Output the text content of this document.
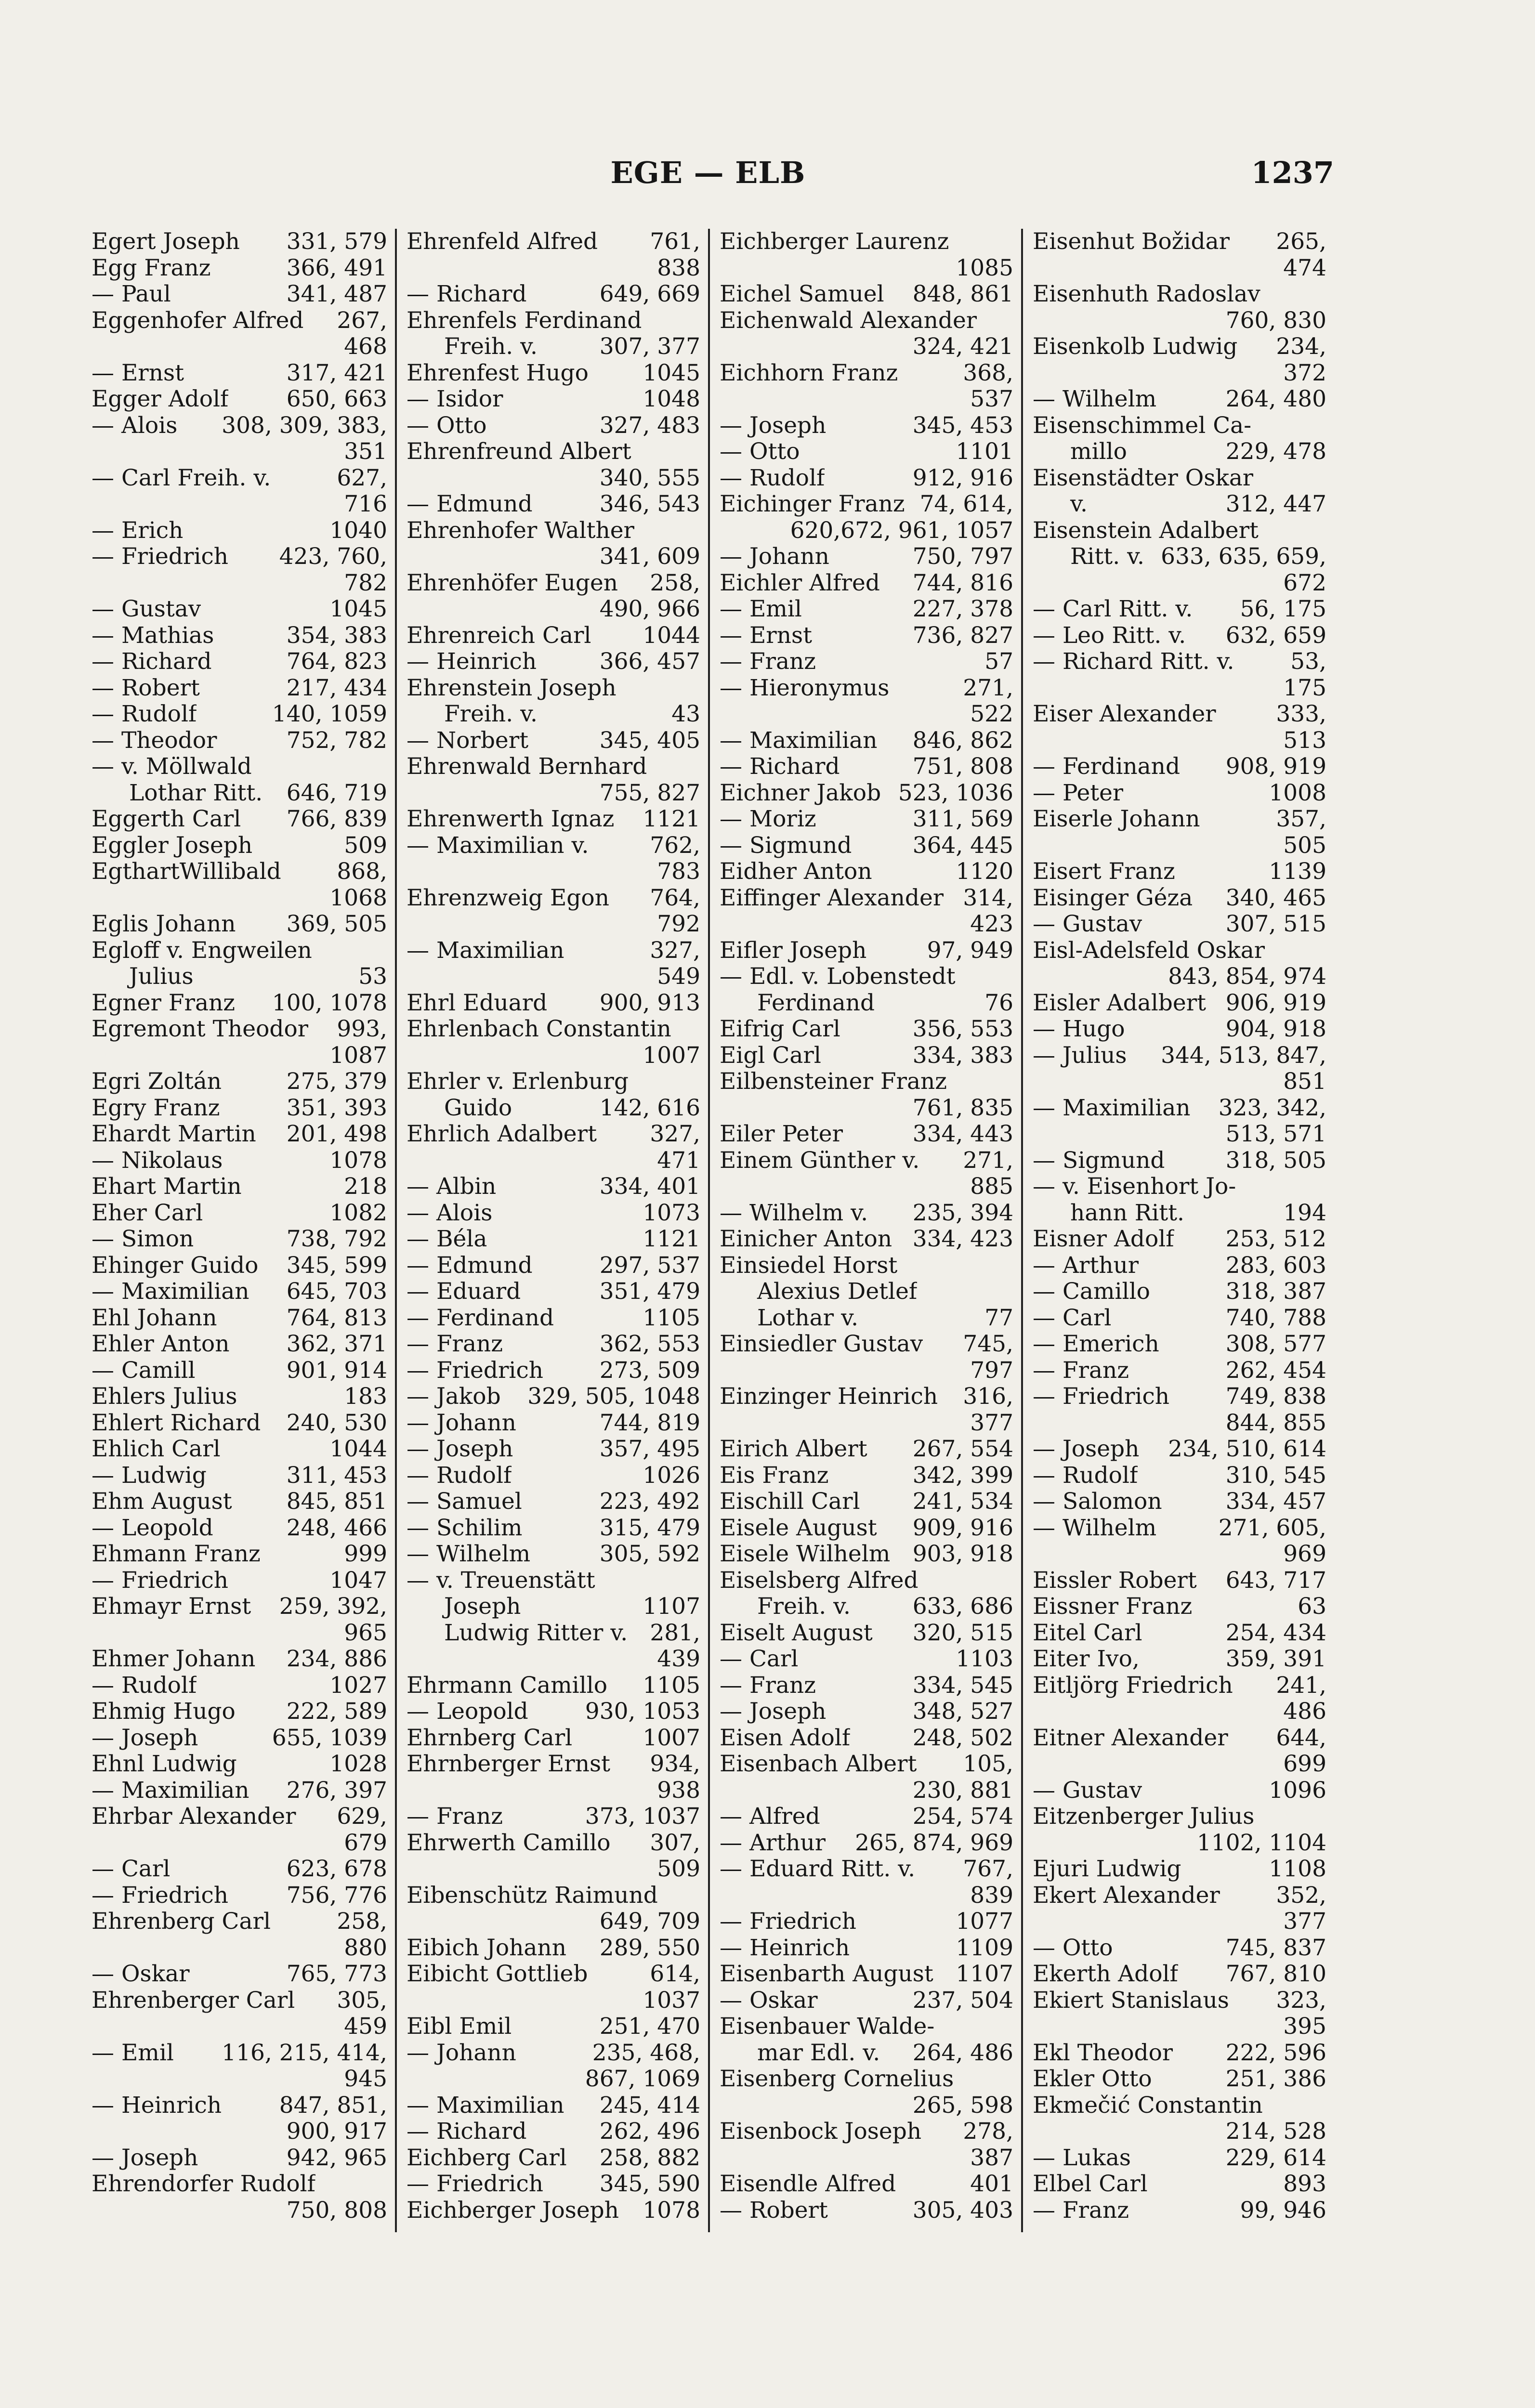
EGE — ELB	1237
Egert Joseph 331, 579
Egg Franz	366, 491
— Paul	341, 487
Eggenhofer Alfred 267,
468
— Ernst	317, 421
Egger Adolf	650, 663
— Alois 308, 309, 383,
351
— Carl Freih. v.	627,
716
— Erich	1040
— Friedrich 423, 760,
782
— Gustav	1045
— Mathias	354, 383
— Richard	764, 823
— Robert	217, 434
— Rudolf	140, 1059
— Theodor	752, 782
— v. Möllwald
Lothar Ritt. 646, 719
Eggerth Carl 766, 839
Eggler Joseph	509
EgthartWillibald 868,
1068
Eglis Johann 369, 505
Egloff v. Engweilen
Julius	53
Egner Franz 100, 1078
Egremont Theodor 993,
1087
Egri Zoltán	275, 379
Egry Franz	351, 393
Ehardt Martin 201, 498
— Nikolaus	1078
Ehart Martin	218
Eher Carl	1082
— Simon	738, 792
Ehinger Guido 345, 599
— Maximilian 645, 703
Ehl Johann	764, 813
Ehler Anton	362, 371
— Camill	901, 914
Ehlers Julius	183
Ehlert Richard 240, 530
Ehlich Carl	1044
— Ludwig	311, 453
Ehm August 845, 851
— Leopold	248, 466
Ehmann Franz	999
— Friedrich	1047
Ehmayr Ernst 259, 392,
965
Ehmer Johann 234, 886
— Rudolf	1027
Ehmig Hugo 222, 589
— Joseph	655, 1039
Ehnl Ludwig	1028
— Maximilian 276, 397
Ehrbar Alexander 629,
679
— Carl	623, 678
— Friedrich	756, 776
Ehrenberg Carl	258,
880
— Oskar	765, 773
Ehrenberger Carl 305,
459
— Emil 116, 215, 414,
945
— Heinrich	847, 851,
900, 917
— Joseph	942, 965
Ehrendorfer Rudolf
750, 808
Ehrenfeld Alfred 761,
838
— Richard	649, 669
Ehrenfels Ferdinand
Freih. v.	307, 377
Ehrenfest Hugo 1045
— Isidor	1048
— Otto	327, 483
Ehrenfreund Albert
340, 555
— Edmund	346, 543
Ehrenhofer Walther
341, 609
Ehrenhöfer Eugen 258,
490, 966
Ehrenreich Carl 1044
— Heinrich	366, 457
Ehrenstein Joseph
Freih. v.	43
— Norbert	345, 405
Ehrenwald Bernhard
755, 827
Ehrenwerth Ignaz 1121
— Maximilian v.	762,
783
Ehrenzweig Egon 764,
792
— Maximilian	327,
549
Ehrl Eduard 900, 913
Ehrlenbach Constantin
1007
Ehrler v. Erlenburg
Guido	142, 616
Ehrlich Adalbert 327,
471
— Albin	334, 401
— Alois	1073
— Béla	1121
— Edmund	297, 537
— Eduard	351, 479
— Ferdinand	1105
— Franz	362, 553
— Friedrich 273, 509
— Jakob 329, 505, 1048
— Johann	744, 819
— Joseph	357, 495
— Rudolf	1026
— Samuel	223, 492
— Schilim	315, 479
— Wilhelm	305, 592
— v. Treuenstätt
Joseph	1107
Ludwig Ritter v. 281,
439
Ehrmann Camillo 1105
— Leopold	930, 1053
Ehrnberg Carl	1007
Ehrnberger Ernst 934,
938
— Franz	373, 1037
Ehrwerth Camillo 307,
509
Eibenschütz Raimund
649, 709
Eibich Johann 289, 550
Eibicht Gottlieb	614,
1037
Eibl Emil	251, 470
— Johann	235, 468,
867, 1069
— Maximilian 245, 414
— Richard	262, 496
Eichberg Carl 258, 882
— Friedrich 345, 590
Eichberger Joseph 1078
Eichberger Laurenz
1085
Eichel Samuel 848, 861
Eichenwald Alexander
324, 421
Eichhorn Franz	368,
537
— Joseph	345, 453
— Otto	1101
— Rudolf	912, 916
Eichinger Franz 74, 614,
620,672, 961, 1057
— Johann	750, 797
Eichler Alfred 744, 816
— Emil	227, 378
— Ernst	736, 827
— Franz	57
— Hieronymus	271,
522
— Maximilian 846, 862
— Richard	751, 808
Eichner Jakob 523, 1036
— Moriz	311, 569
— Sigmund	364, 445
Eidher Anton	1120
Eiffinger Alexander 314,
423
Eifler Joseph	97, 949
— Edl. v. Lobenstedt
Ferdinand	76
Eifrig Carl	356, 553
Eigl Carl	334, 383
Eilbensteiner Franz
761, 835
Eiler Peter	334, 443
Einem Günther v. 271,
885
— Wilhelm v. 235, 394
Einicher Anton 334, 423
Einsiedel Horst
Alexius Detlef
Lothar v.	77
Einsiedler Gustav 745,
797
Einzinger Heinrich 316,
377
Eirich Albert 267, 554
Eis Franz	342, 399
Eischill Carl 241, 534
Eisele August 909, 916
Eisele Wilhelm 903, 918
Eiselsberg Alfred
Freih. v.	633, 686
Eiselt August 320, 515
— Carl	1103
— Franz	334, 545
— Joseph	348, 527
Eisen Adolf	248, 502
Eisenbach Albert 105,
230, 881
— Alfred	254, 574
— Arthur 265, 874, 969
— Eduard Ritt. v. 767,
839
— Friedrich	1077
— Heinrich	1109
Eisenbarth August 1107
— Oskar	237, 504
Eisenbauer Walde-
mar Edl. v. 264, 486
Eisenberg Cornelius
265, 598
Eisenbock Joseph 278,
387
Eisendle Alfred	401
— Robert	305, 403
Eisenhut Božidar 265,
474
Eisenhuth Radoslav
760, 830
Eisenkolb Ludwig 234,
372
— Wilhelm	264, 480
Eisenschimmel Ca-
millo	229, 478
Eisenstädter Oskar
v.	312, 447
Eisenstein Adalbert
Ritt. v. 633, 635, 659,
672
— Carl Ritt. v. 56, 175
— Leo Ritt. v. 632, 659
— Richard Ritt. v. 53,
175
Eiser Alexander	333,
513
— Ferdinand 908, 919
— Peter	1008
Eiserle Johann	357,
505
Eisert Franz	1139
Eisinger Géza 340, 465
— Gustav	307, 515
Eisl-Adelsfeld Oskar
843, 854, 974
Eisler Adalbert 906, 919
— Hugo	904, 918
— Julius 344, 513, 847,
851
— Maximilian 323, 342,
513, 571
— Sigmund	318, 505
— v. Eisenhort Jo-
hann Ritt.	194
Eisner Adolf 253, 512
— Arthur	283, 603
— Camillo	318, 387
— Carl	740, 788
— Emerich	308, 577
— Franz	262, 454
— Friedrich 749, 838
844, 855
— Joseph 234, 510, 614
— Rudolf	310, 545
— Salomon	334, 457
— Wilhelm	271, 605,
969
Eissler Robert 643, 717
Eissner Franz	63
Eitel Carl	254, 434
Eiter Ivo,	359, 391
Eitljörg Friedrich 241,
486
Eitner Alexander 644,
699
— Gustav	1096
Eitzenberger Julius
1102, 1104
Ejuri Ludwig	1108
Ekert Alexander 352,
377
— Otto	745, 837
Ekerth Adolf 767, 810
Ekiert Stanislaus 323,
395
Ekl Theodor 222, 596
Ekler Otto	251, 386
Ekmečić Constantin
214, 528
— Lukas	229, 614
Elbel Carl	893
— Franz	99, 946
